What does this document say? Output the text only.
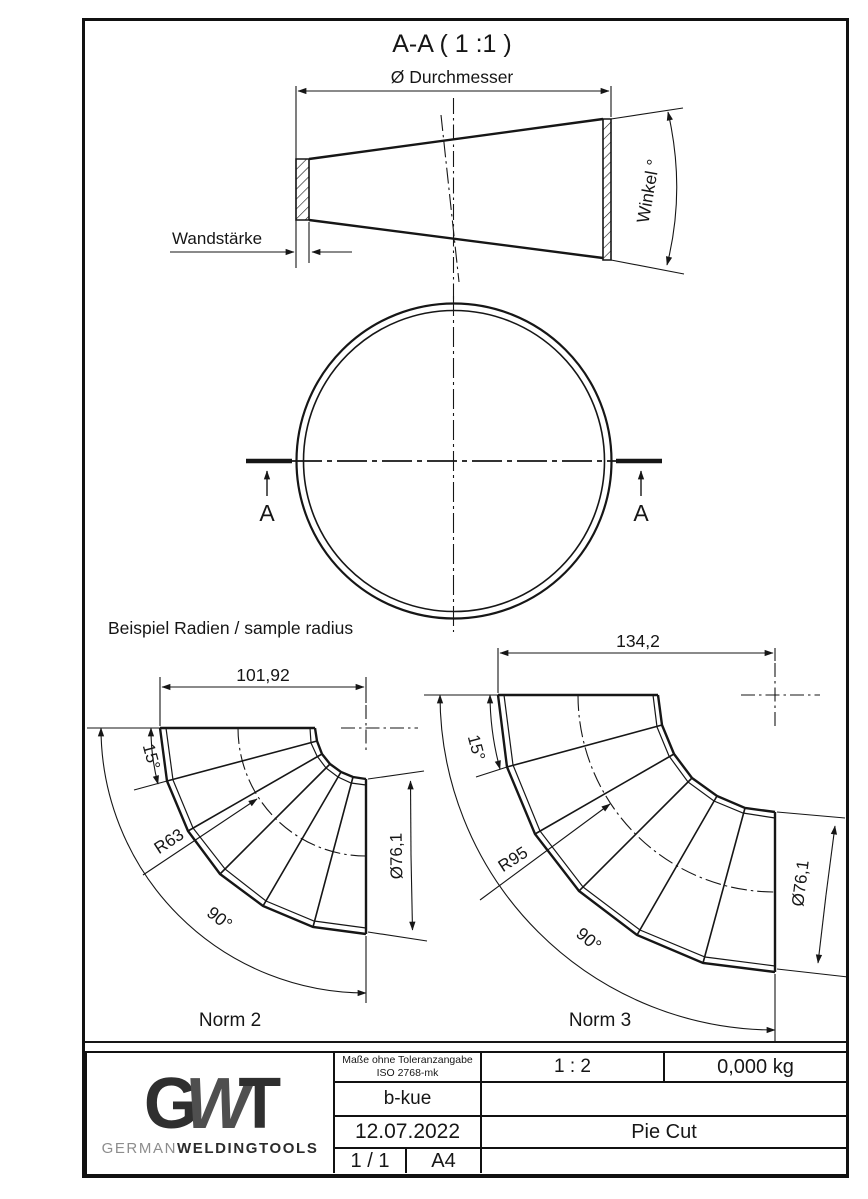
A-A ( 1 :1 )
Ø Durchmesser
Wandstärke
Winkel °
A	A
Beispiel Radien / sample radius
101,92
15°
90°
R63	Ø76,1
Norm 2
134,2
15°
90°
R95	Ø76,1
Norm 3
GWT
GERMANWELDINGTOOLS
Maße ohne Toleranzangabe
ISO 2768-mk
b-kue
12.07.2022
1 / 1 A4
1 : 2	0,000 kg
Pie Cut
